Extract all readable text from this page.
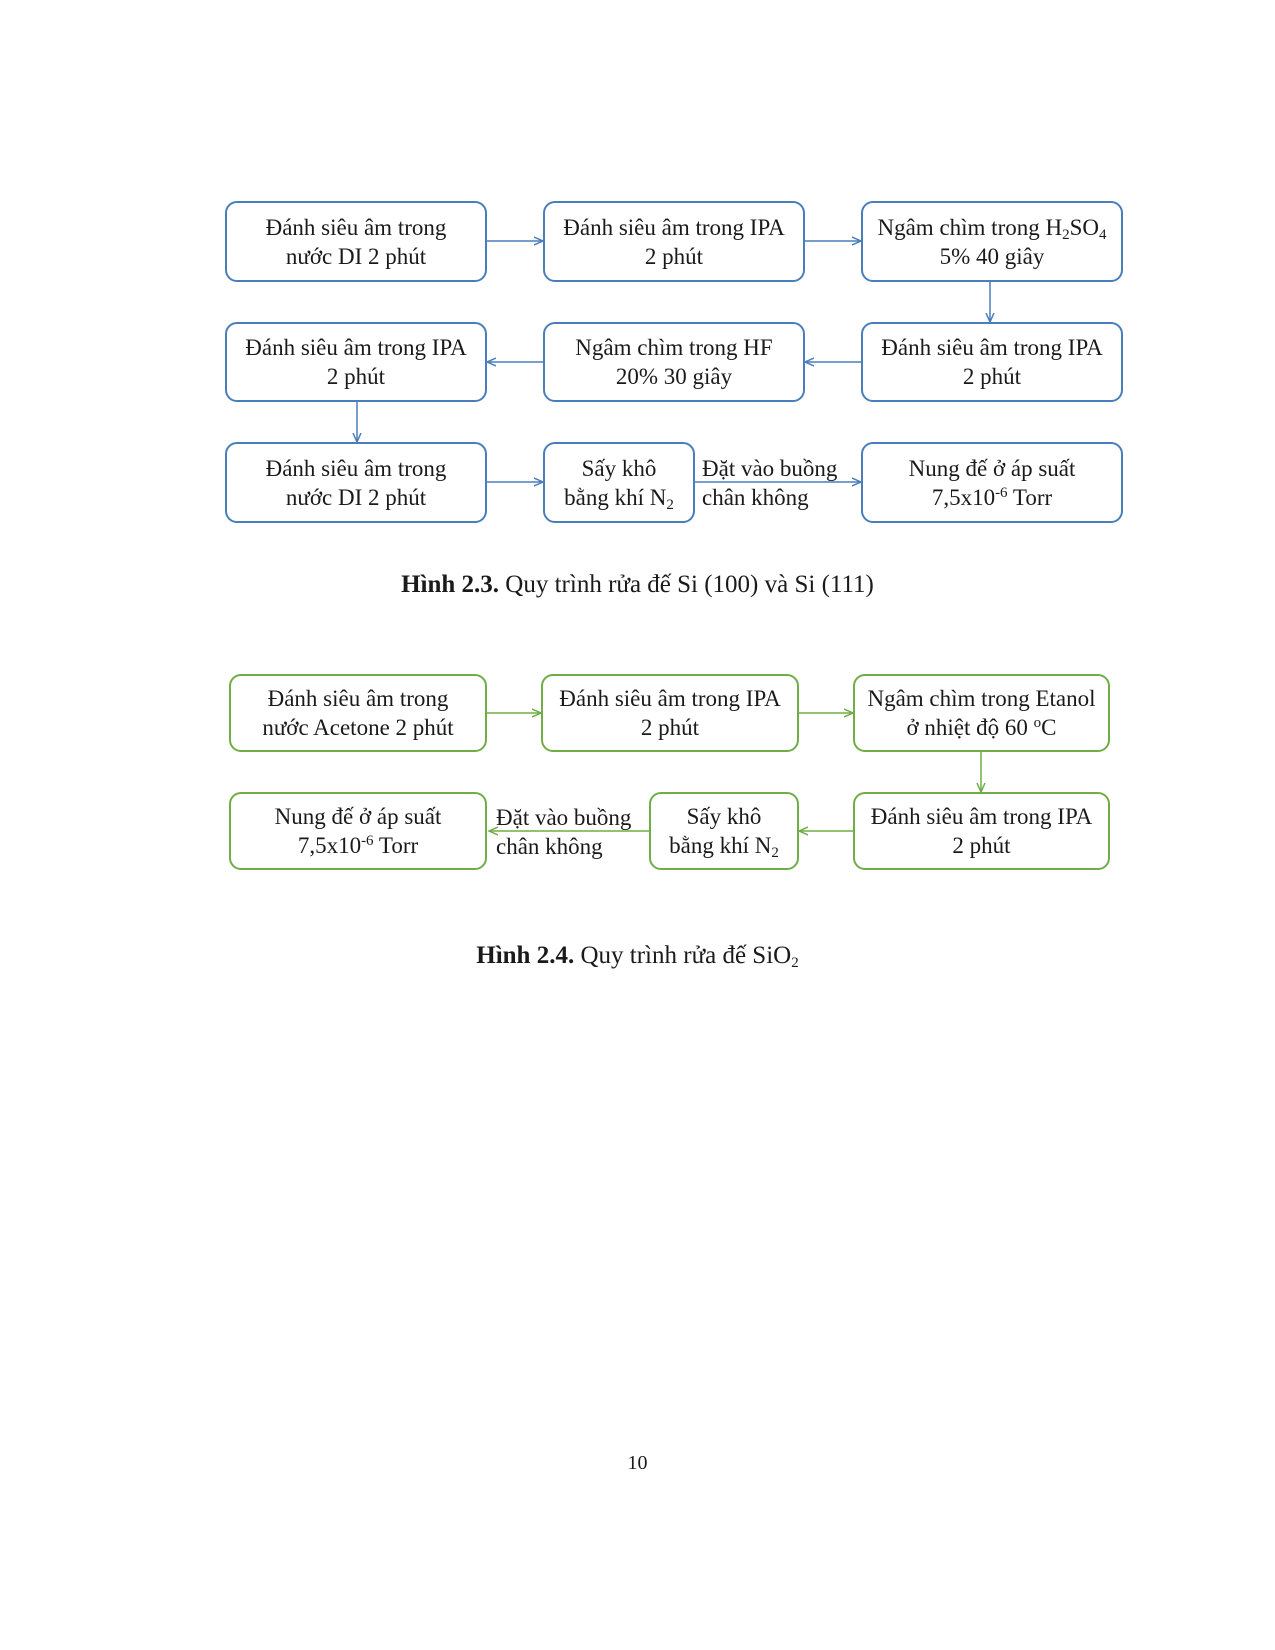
Đánh siêu âm trong
nước DI 2 phút
Đánh siêu âm trong IPA
2 phút
Ngâm chìm trong $H_2SO_4$
5% 40 giây
Đánh siêu âm trong IPA
2 phút
Ngâm chìm trong HF
20% 30 giây
Đánh siêu âm trong IPA
2 phút
Đánh siêu âm trong
nước DI 2 phút
Sấy khô
bằng khí $N_2$
Đặt vào buồng
chân không
Nung đế ở áp suất
$7,5x10^{-6}$ Torr
Hình 2.3. Quy trình rửa đế Si (100) và Si (111)
Đánh siêu âm trong
nước Acetone 2 phút
Đánh siêu âm trong IPA
2 phút
Ngâm chìm trong Etanol
ở nhiệt độ 60 $^o$C
Đánh siêu âm trong IPA
2 phút
Sấy khô
bằng khí $N_2$
Đặt vào buồng
chân không
Nung đế ở áp suất
$7,5x10^{-6}$ Torr
Hình 2.4. Quy trình rửa đế SiO$_2$
10
